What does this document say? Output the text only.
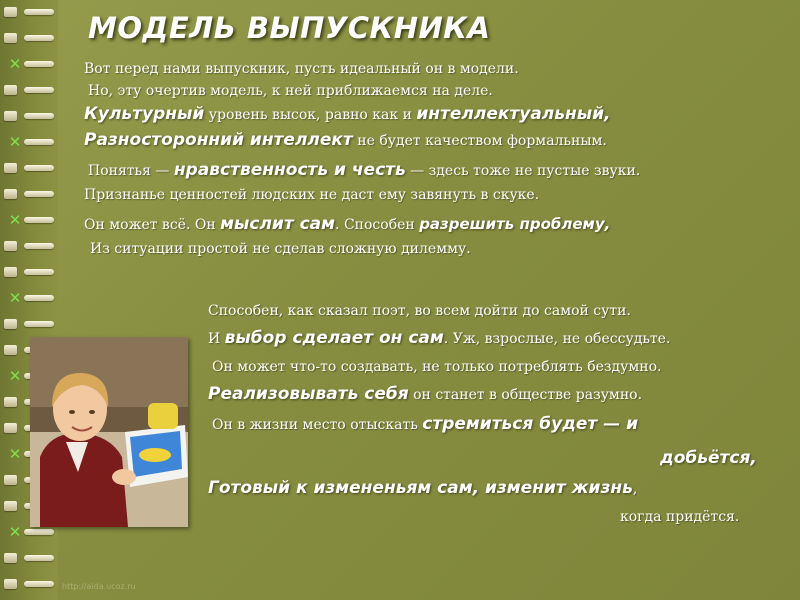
✕
✕
✕
✕
✕
✕
✕
МОДЕЛЬ ВЫПУСКНИКА
Вот перед нами выпускник, пусть идеальный он в модели.
Но, эту очертив модель, к ней приближаемся на деле.
Культурный уровень высок, равно как и интеллектуальный,
Разносторонний интеллект не будет качеством формальным.
Понятья — нравственность и честь — здесь тоже не пустые звуки.
Признанье ценностей людских не даст ему завянуть в скуке.
Он может всё. Он мыслит сам. Способен разрешить проблему,
Из ситуации простой не сделав сложную дилемму.
Способен, как сказал поэт, во всем дойти до самой сути.
И выбор сделает он сам. Уж, взрослые, не обессудьте.
Он может что-то создавать, не только потреблять бездумно.
Реализовывать себя он станет в обществе разумно.
Он в жизни место отыскать стремиться будет — и
добьётся,
Готовый к изменeньям сам, изменит жизнь,
когда придётся.
http://aida.ucoz.ru
